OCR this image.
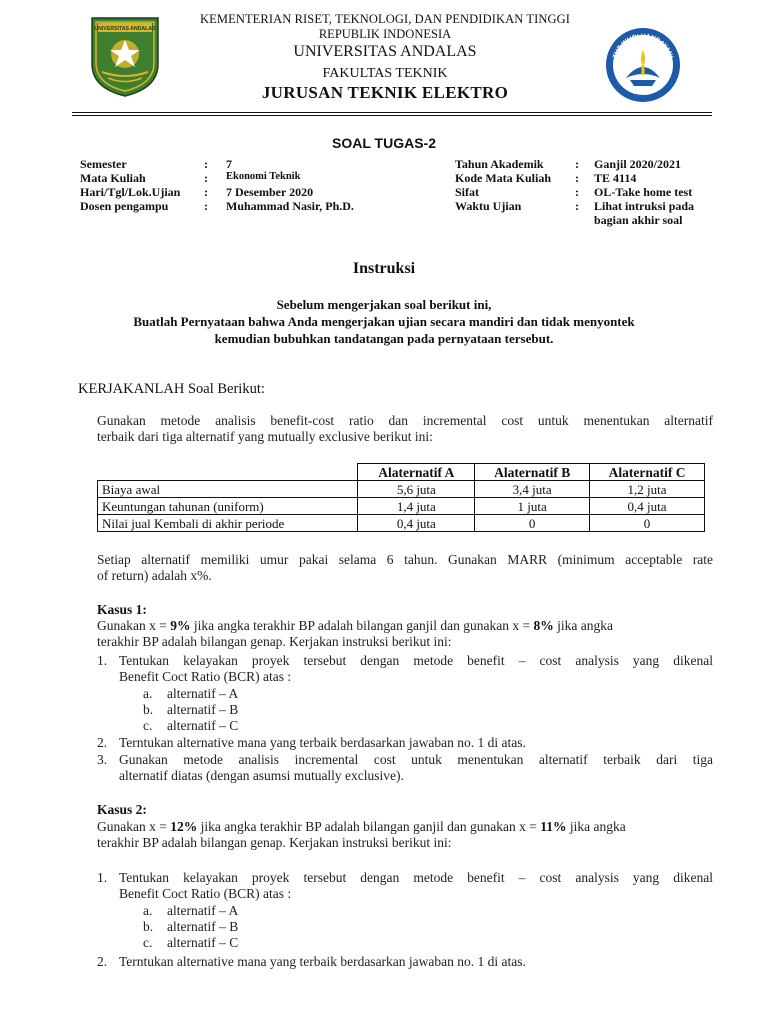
UNIVERSITAS ANDALAS
KEMENTERIAN RISET, TEKNOLOGI, DAN PENDIDIKAN TINGGI
REPUBLIK INDONESIA
UNIVERSITAS ANDALAS
FAKULTAS TEKNIK
JURUSAN TEKNIK ELEKTRO
TUT WURI HANDAYANI
SOAL TUGAS-2
Semester	: 7
Mata Kuliah	: Ekonomi Teknik
Hari/Tgl/Lok.Ujian : 7 Desember 2020
Dosen pengampu	: Muhammad Nasir, Ph.D.
Tahun Akademik	: Ganjil 2020/2021
Kode Mata Kuliah : TE 4114
Sifat	: OL-Take home test
Waktu Ujian	: Lihat intruksi pada
bagian akhir soal
Instruksi
Sebelum mengerjakan soal berikut ini,
Buatlah Pernyataan bahwa Anda mengerjakan ujian secara mandiri dan tidak menyontek
kemudian bubuhkan tandatangan pada pernyataan tersebut.
KERJAKANLAH Soal Berikut:
Gunakan metode analisis benefit-cost ratio dan incremental cost untuk menentukan alternatif
terbaik dari tiga alternatif yang mutually exclusive berikut ini:
	Alaternatif A	Alaternatif B	Alaternatif C
Biaya awal	5,6 juta	3,4 juta	1,2 juta
Keuntungan tahunan (uniform)	1,4 juta	1 juta	0,4 juta
Nilai jual Kembali di akhir periode	0,4 juta	0	0
Setiap alternatif memiliki umur pakai selama 6 tahun. Gunakan MARR (minimum acceptable rate
of return) adalah x%.
Kasus 1:
Gunakan x = 9% jika angka terakhir BP adalah bilangan ganjil dan gunakan x = 8% jika angka
terakhir BP adalah bilangan genap. Kerjakan instruksi berikut ini:
1. Tentukan kelayakan proyek tersebut dengan metode benefit – cost analysis yang dikenal
Benefit Coct Ratio (BCR) atas :
a. alternatif – A
b. alternatif – B
c. alternatif – C
2. Terntukan alternative mana yang terbaik berdasarkan jawaban no. 1 di atas.
3. Gunakan metode analisis incremental cost untuk menentukan alternatif terbaik dari tiga
alternatif diatas (dengan asumsi mutually exclusive).
Kasus 2:
Gunakan x = 12% jika angka terakhir BP adalah bilangan ganjil dan gunakan x = 11% jika angka
terakhir BP adalah bilangan genap. Kerjakan instruksi berikut ini:
1. Tentukan kelayakan proyek tersebut dengan metode benefit – cost analysis yang dikenal
Benefit Coct Ratio (BCR) atas :
a. alternatif – A
b. alternatif – B
c. alternatif – C
2. Terntukan alternative mana yang terbaik berdasarkan jawaban no. 1 di atas.
